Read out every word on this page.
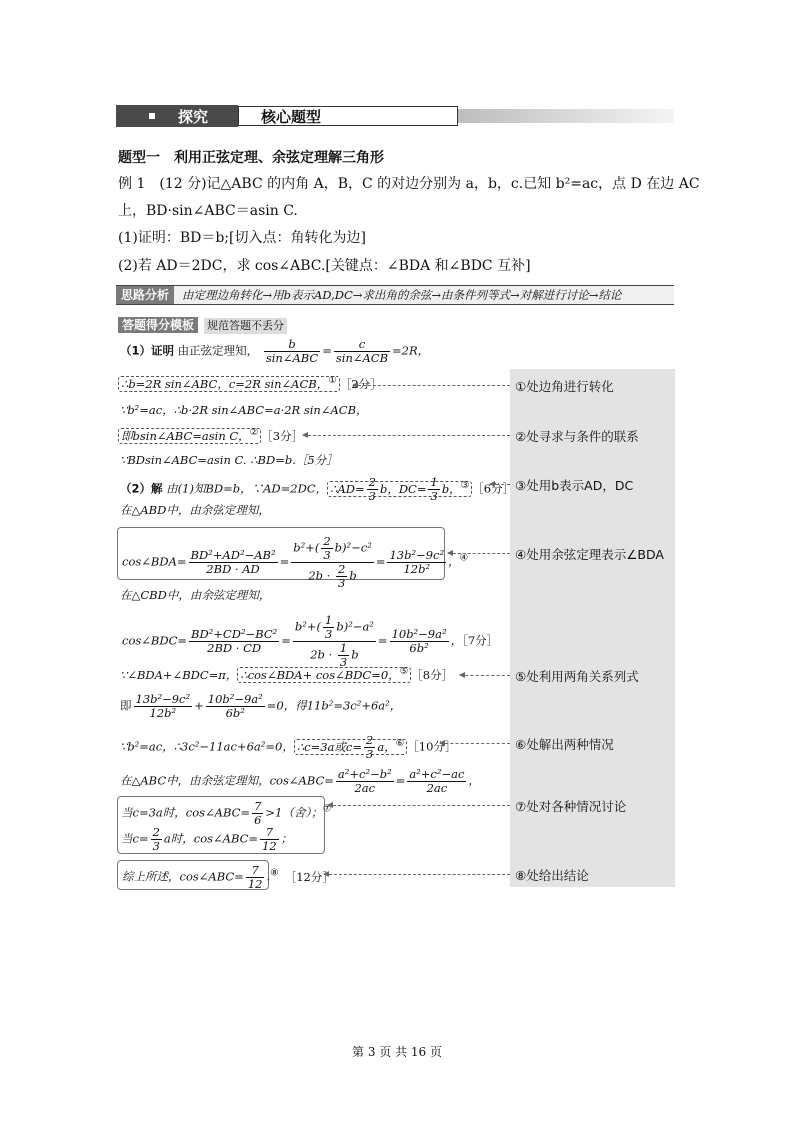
探究	核心题型
题型一　利用正弦定理、余弦定理解三角形
例 1　(12 分)记△ABC 的内角 A，B，C 的对边分别为 a，b，c.已知 b²=ac，点 D 在边 AC
上，BD·sin∠ABC＝asin C.
(1)证明：BD＝b;[切入点：角转化为边]
(2)若 AD＝2DC，求 cos∠ABC.[关键点：∠BDA 和∠BDC 互补]
思路分析	由定理边角转化→用b表示AD,DC→求出角的余弦→由条件列等式→对解进行讨论→结论
答题得分模板 规范答题不丢分
（1）证明 由正弦定理知， $\frac{b}{\text{sin∠ABC}} = \frac{c}{\text{sin∠ACB}} =2R$，
∴b=2R sin∠ABC，c=2R sin∠ACB，① ［2分］
∵b²=ac，∴b·2R sin∠ABC=a·2R sin∠ACB，
即bsin∠ABC=asin C，② ［3分］
∵BDsin∠ABC=asin C. ∴BD=b.［5分］
（2）解 由(1)知BD=b，∵AD=2DC， ∴AD= $\frac{2}{3}$ b，$DC= \frac{1}{3}$ b，③ ［6分］
在△ABD中，由余弦定理知，
cos∠BDA= $\frac{\text{BD²+AD²−AB²}}{2BD \cdot AD} = \frac{b^2+( \frac{2}{3} b)^2-c^2}{2b \cdot \frac{2}{3} b} = \frac{\text{13b²−9c²}}{\text{12b²}}$ ，④
在△CBD中，由余弦定理知，
cos∠BDC= $\frac{\text{BD²+CD²−BC²}}{2BD \cdot CD} = \frac{b^2+( \frac{1}{3} b)^2-a^2}{2b \cdot \frac{1}{3} b} = \frac{\text{10b²−9a²}}{\text{6b²}}$ ，［7分］
∵∠BDA+∠BDC=π， ∴cos∠BDA+ cos∠BDC=0，⑤ ［8分］
即 $\frac{\text{13b²−9c²}}{\text{12b²}} + \frac{\text{10b²−9a²}}{\text{6b²}} =0$，得11b²=3c²+6a²，
∵b²=ac，∴3c²−11ac+6a²=0， ∴c=3a或$c= \frac{2}{3}$ a，⑥ ［10分］
在△ABC中，由余弦定理知，cos∠ABC= $\frac{\text{a²+c²−b²}}{2ac} = \frac{\text{a²+c²−ac}}{2ac}$ ，
当c=3a时，cos∠ABC= $\frac{7}{6} >1$（舍）；⑦
当$c= \frac{2}{3}$ a时，cos∠ABC= $\frac{7}{12}$ ；
综上所述，cos∠ABC= $\frac{7}{12} .^⑧$ ［12分］
①处边角进行转化
②处寻求与条件的联系
③处用b表示AD，DC
④处用余弦定理表示∠BDA
⑤处利用两角关系列式
⑥处解出两种情况
⑦处对各种情况讨论
⑧处给出结论
第 3 页 共 16 页
